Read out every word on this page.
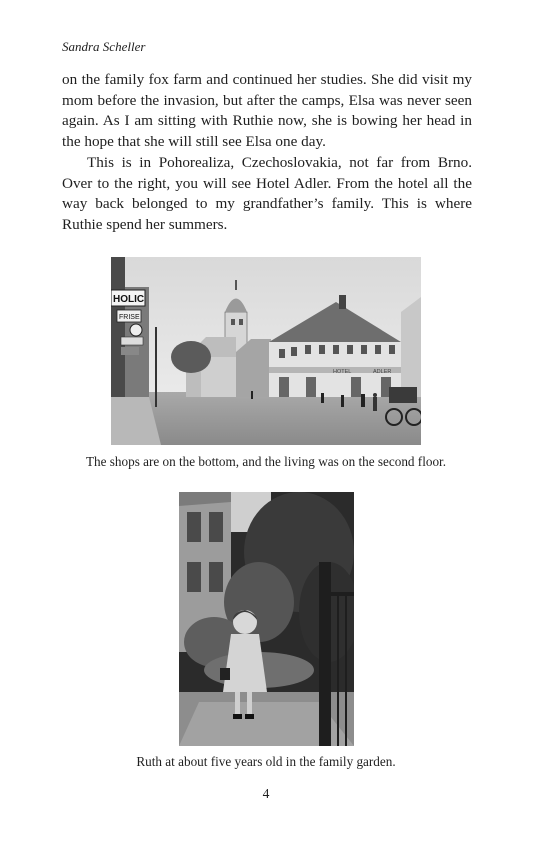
Sandra Scheller

on the family fox farm and continued her studies. She did visit my mom before the invasion, but after the camps, Elsa was never seen again. As I am sitting with Ruthie now, she is bowing her head in the hope that she will still see Elsa one day.

This is in Pohorealiza, Czechoslovakia, not far from Brno. Over to the right, you will see Hotel Adler. From the hotel all the way back belonged to my grandfather’s family. This is where Ruthie spend her summers.

HOTEL	ADLER
HOLIC
FRISE
The shops are on the bottom, and the living was on the second floor.
Ruth at about five years old in the family garden.
4
